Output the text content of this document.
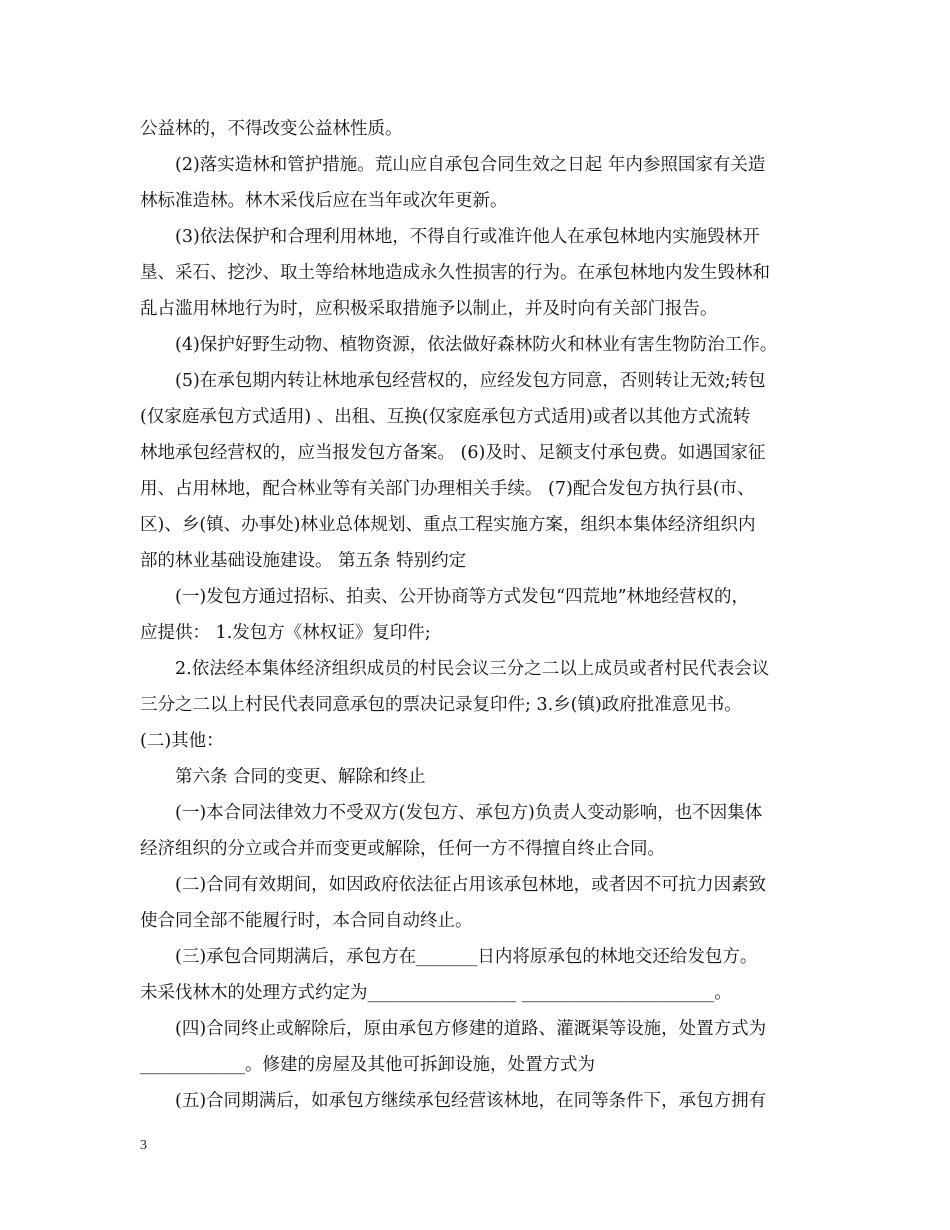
公益林的，不得改变公益林性质。
　　(2)落实造林和管护措施。荒山应自承包合同生效之日起 年内参照国家有关造
林标准造林。林木采伐后应在当年或次年更新。
　　(3)依法保护和合理利用林地，不得自行或准许他人在承包林地内实施毁林开
垦、采石、挖沙、取土等给林地造成永久性损害的行为。在承包林地内发生毁林和
乱占滥用林地行为时，应积极采取措施予以制止，并及时向有关部门报告。
　　(4)保护好野生动物、植物资源，依法做好森林防火和林业有害生物防治工作。
　　(5)在承包期内转让林地承包经营权的，应经发包方同意，否则转让无效;转包
(仅家庭承包方式适用) 、出租、互换(仅家庭承包方式适用)或者以其他方式流转
林地承包经营权的，应当报发包方备案。 (6)及时、足额支付承包费。如遇国家征
用、占用林地，配合林业等有关部门办理相关手续。 (7)配合发包方执行县(市、
区)、乡(镇、办事处)林业总体规划、重点工程实施方案，组织本集体经济组织内
部的林业基础设施建设。 第五条 特别约定
　　(一)发包方通过招标、拍卖、公开协商等方式发包“四荒地”林地经营权的，
应提供： 1.发包方《林权证》复印件;
　　2.依法经本集体经济组织成员的村民会议三分之二以上成员或者村民代表会议
三分之二以上村民代表同意承包的票决记录复印件; 3.乡(镇)政府批准意见书。
(二)其他：
　　第六条 合同的变更、解除和终止
　　(一)本合同法律效力不受双方(发包方、承包方)负责人变动影响，也不因集体
经济组织的分立或合并而变更或解除，任何一方不得擅自终止合同。
　　(二)合同有效期间，如因政府依法征占用该承包林地，或者因不可抗力因素致
使合同全部不能履行时，本合同自动终止。
　　(三)承包合同期满后，承包方在_______日内将原承包的林地交还给发包方。
未采伐林木的处理方式约定为_________________ ______________________。
　　(四)合同终止或解除后，原由承包方修建的道路、灌溉渠等设施，处置方式为
____________。修建的房屋及其他可拆卸设施，处置方式为
　　(五)合同期满后，如承包方继续承包经营该林地，在同等条件下，承包方拥有
3
